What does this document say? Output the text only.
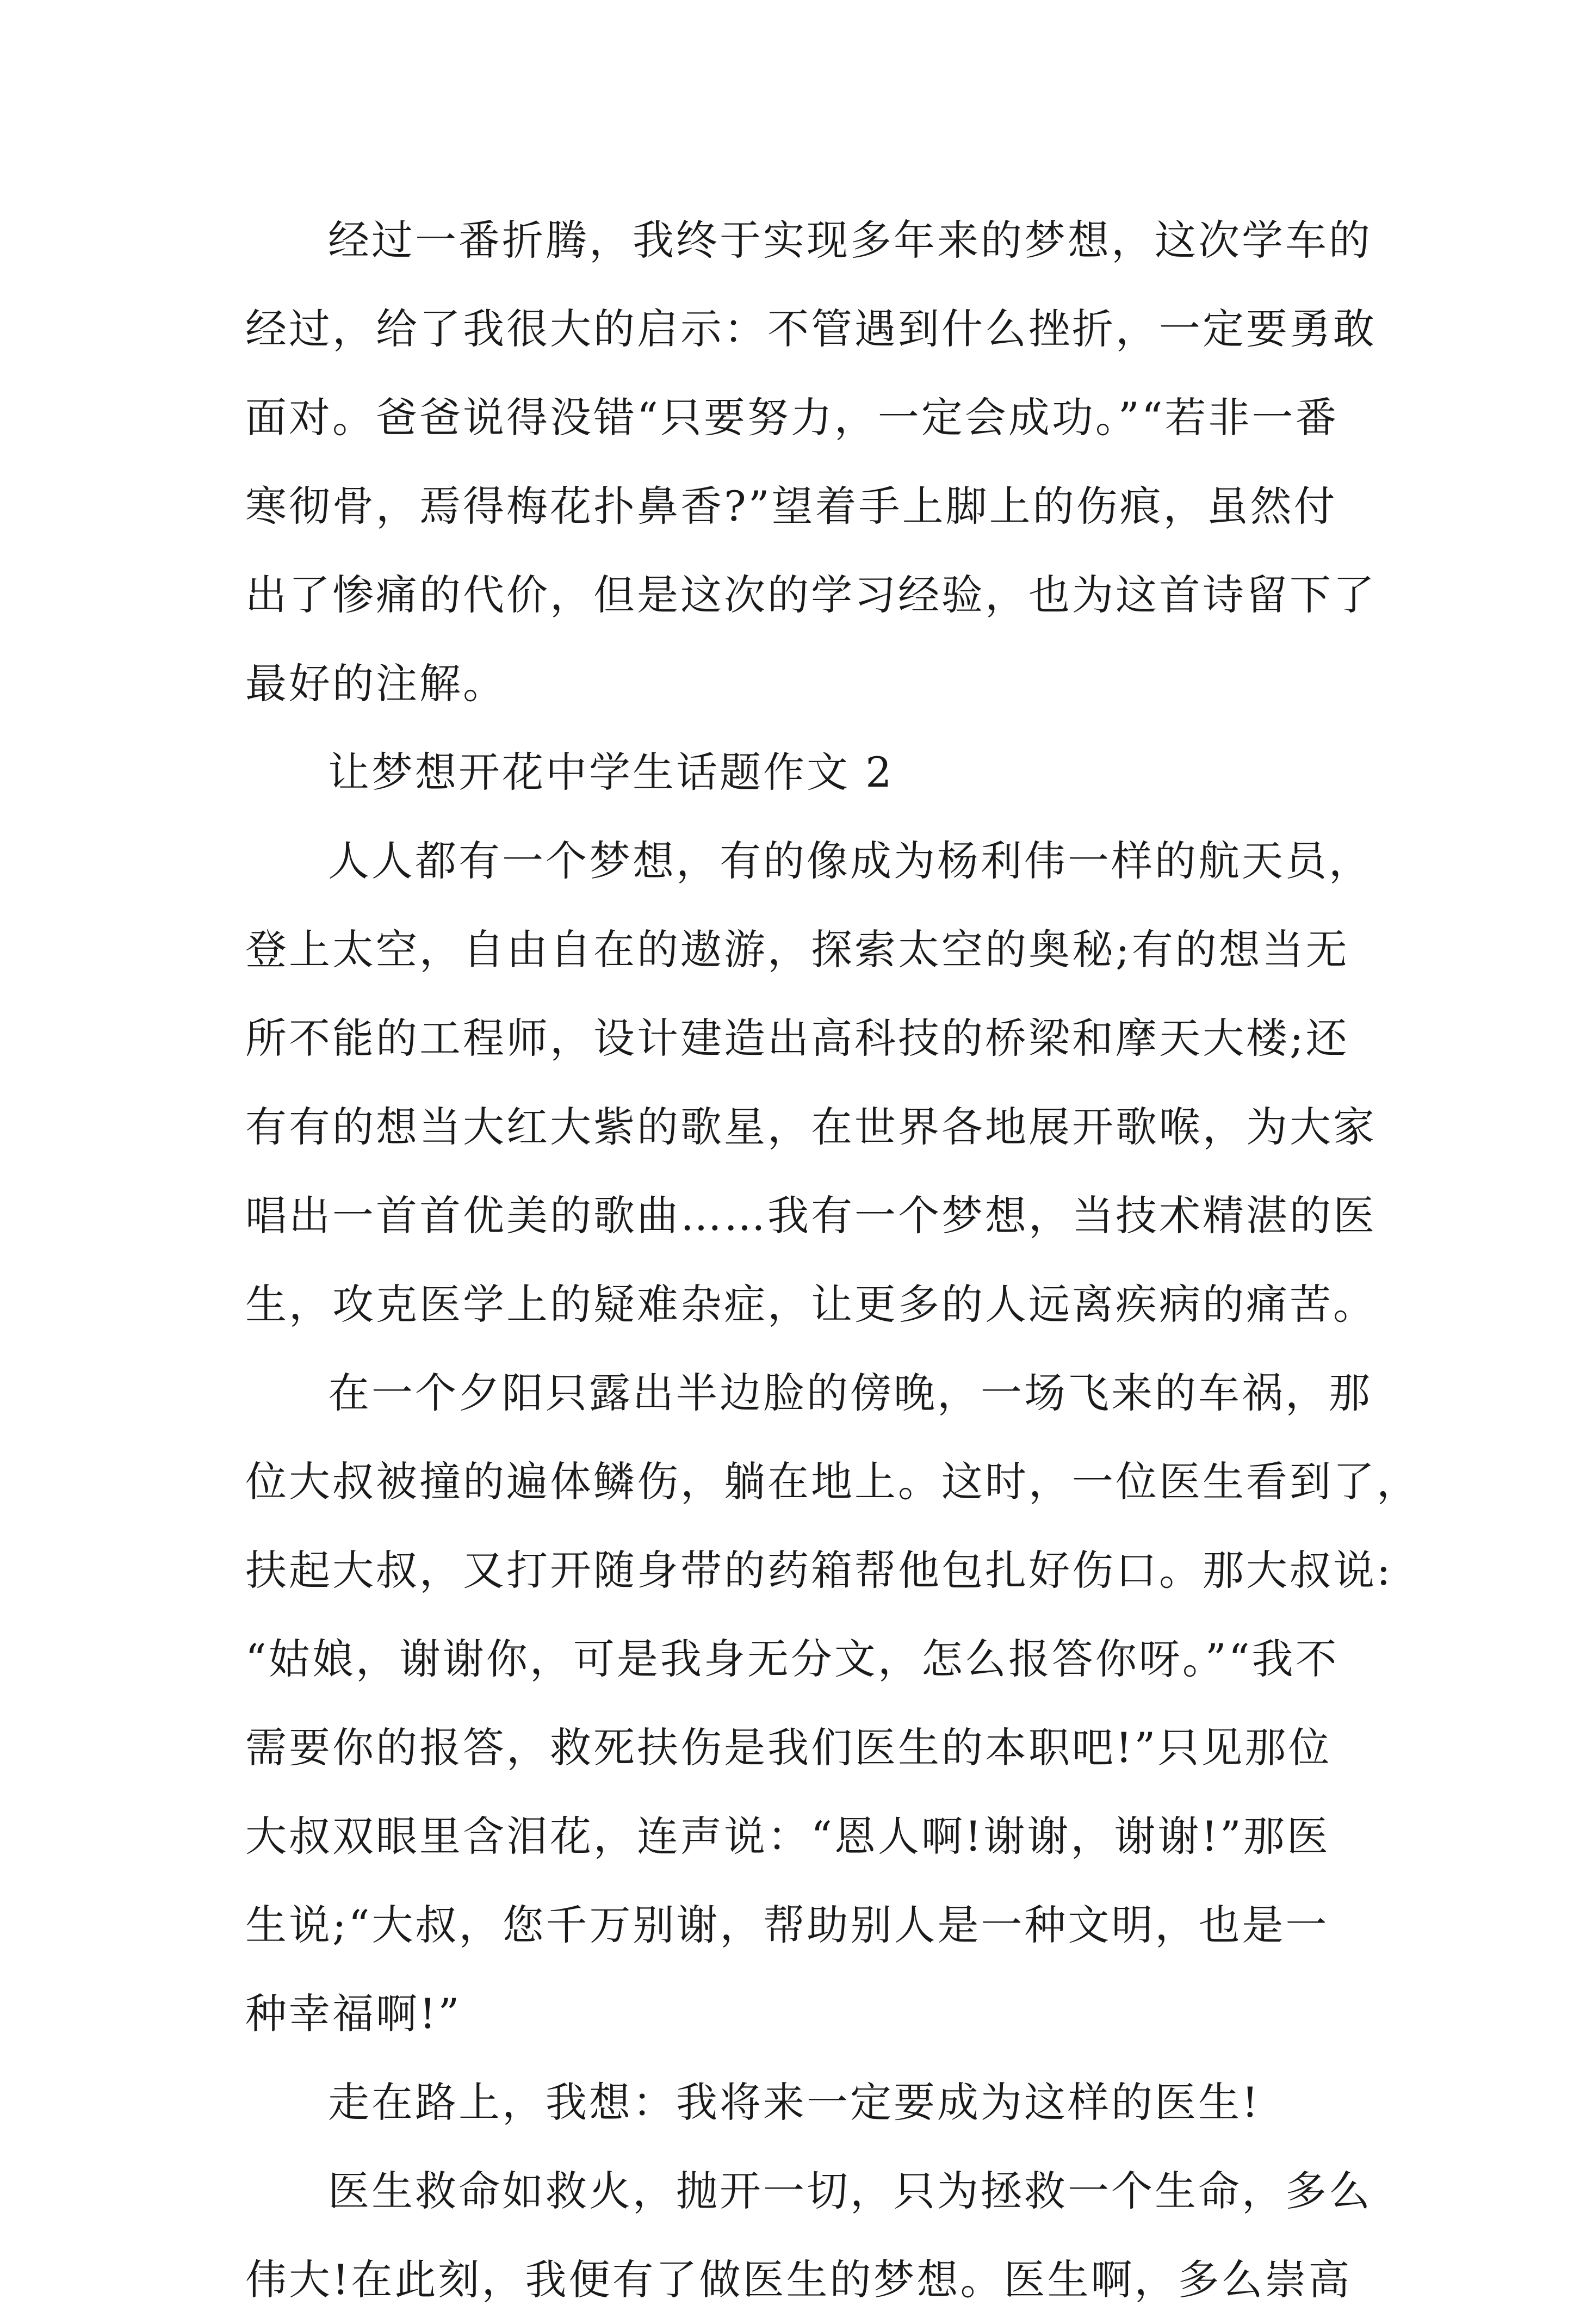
经过一番折腾，我终于实现多年来的梦想，这次学车的
经过，给了我很大的启示：不管遇到什么挫折，一定要勇敢
面对。爸爸说得没错“只要努力，一定会成功。”“若非一番
寒彻骨，焉得梅花扑鼻香?”望着手上脚上的伤痕，虽然付
出了惨痛的代价，但是这次的学习经验，也为这首诗留下了
最好的注解。
让梦想开花中学生话题作文 2
人人都有一个梦想，有的像成为杨利伟一样的航天员，
登上太空，自由自在的遨游，探索太空的奥秘;有的想当无
所不能的工程师，设计建造出高科技的桥梁和摩天大楼;还
有有的想当大红大紫的歌星，在世界各地展开歌喉，为大家
唱出一首首优美的歌曲……我有一个梦想，当技术精湛的医
生，攻克医学上的疑难杂症，让更多的人远离疾病的痛苦。
在一个夕阳只露出半边脸的傍晚，一场飞来的车祸，那
位大叔被撞的遍体鳞伤，躺在地上。这时，一位医生看到了，
扶起大叔，又打开随身带的药箱帮他包扎好伤口。那大叔说:
“姑娘，谢谢你，可是我身无分文，怎么报答你呀。”“我不
需要你的报答，救死扶伤是我们医生的本职吧!”只见那位
大叔双眼里含泪花，连声说：“恩人啊!谢谢，谢谢!”那医
生说;“大叔，您千万别谢，帮助别人是一种文明，也是一
种幸福啊!”
走在路上，我想：我将来一定要成为这样的医生!
医生救命如救火，抛开一切，只为拯救一个生命，多么
伟大!在此刻，我便有了做医生的梦想。医生啊，多么崇高
